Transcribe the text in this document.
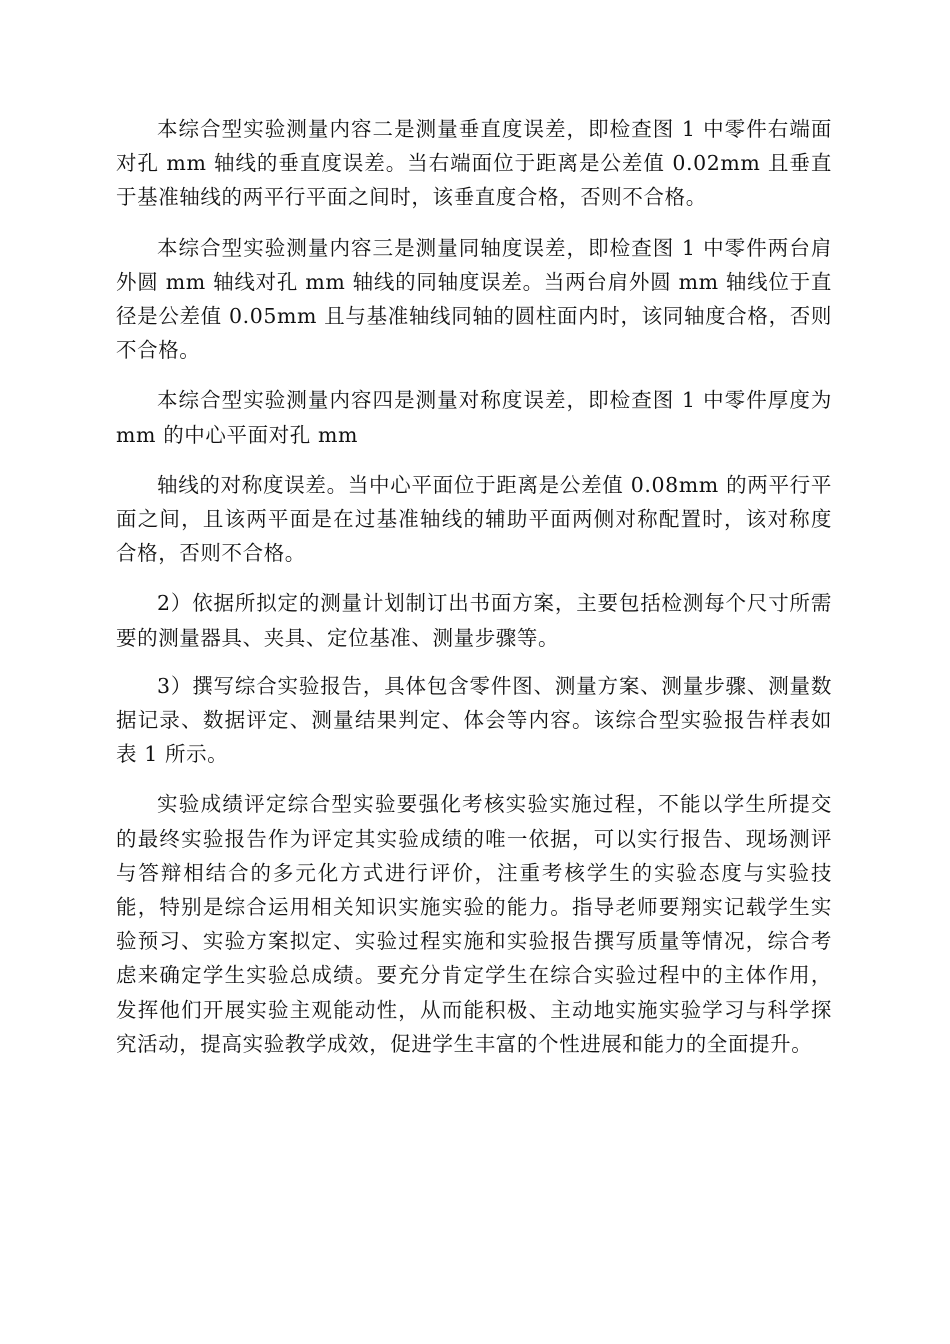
本综合型实验测量内容二是测量垂直度误差，即检查图 1 中零件右端面对孔 mm 轴线的垂直度误差。当右端面位于距离是公差值 0.02mm 且垂直于基准轴线的两平行平面之间时，该垂直度合格，否则不合格。

本综合型实验测量内容三是测量同轴度误差，即检查图 1 中零件两台肩外圆 mm 轴线对孔 mm 轴线的同轴度误差。当两台肩外圆 mm 轴线位于直径是公差值 0.05mm 且与基准轴线同轴的圆柱面内时，该同轴度合格，否则不合格。

本综合型实验测量内容四是测量对称度误差，即检查图 1 中零件厚度为 mm 的中心平面对孔 mm

轴线的对称度误差。当中心平面位于距离是公差值 0.08mm 的两平行平面之间，且该两平面是在过基准轴线的辅助平面两侧对称配置时，该对称度合格，否则不合格。

2）依据所拟定的测量计划制订出书面方案，主要包括检测每个尺寸所需要的测量器具、夹具、定位基准、测量步骤等。

3）撰写综合实验报告，具体包含零件图、测量方案、测量步骤、测量数据记录、数据评定、测量结果判定、体会等内容。该综合型实验报告样表如表 1 所示。

实验成绩评定综合型实验要强化考核实验实施过程，不能以学生所提交的最终实验报告作为评定其实验成绩的唯一依据，可以实行报告、现场测评与答辩相结合的多元化方式进行评价，注重考核学生的实验态度与实验技能，特别是综合运用相关知识实施实验的能力。指导老师要翔实记载学生实验预习、实验方案拟定、实验过程实施和实验报告撰写质量等情况，综合考虑来确定学生实验总成绩。要充分肯定学生在综合实验过程中的主体作用，发挥他们开展实验主观能动性，从而能积极、主动地实施实验学习与科学探究活动，提高实验教学成效，促进学生丰富的个性进展和能力的全面提升。
